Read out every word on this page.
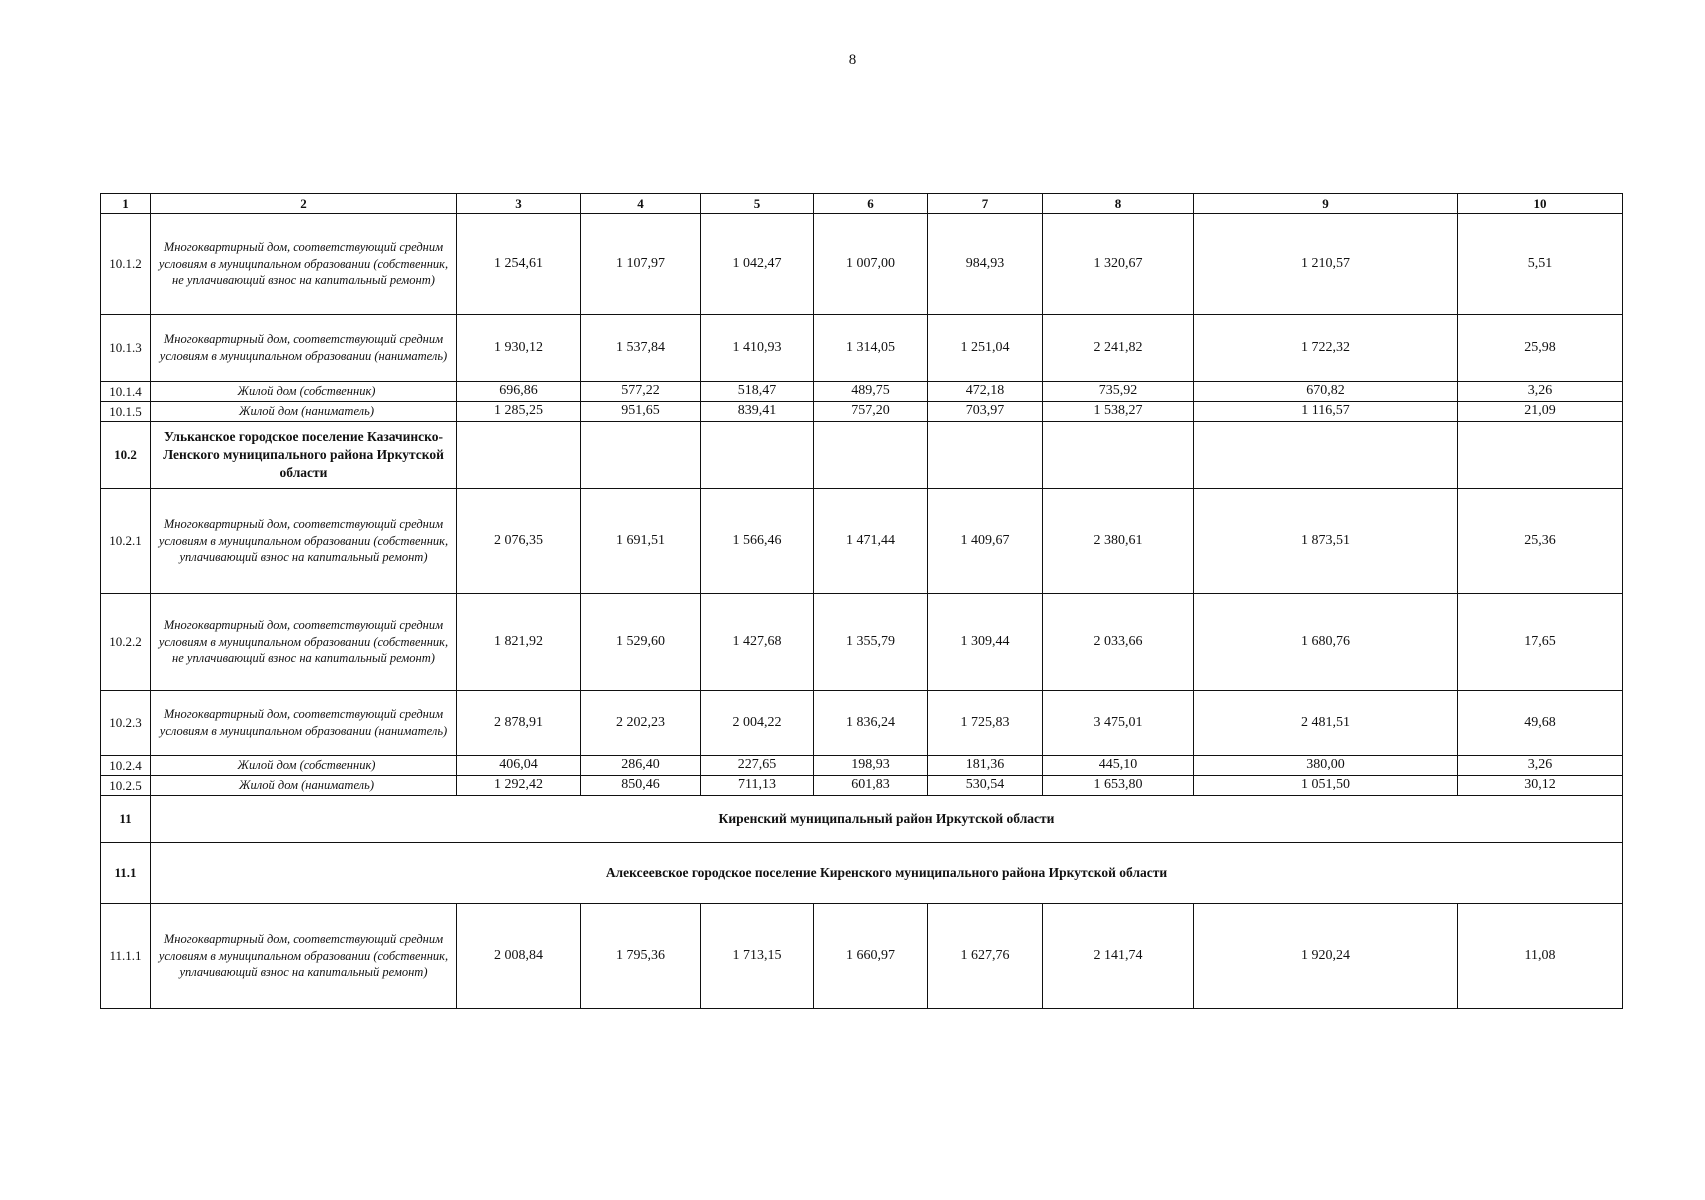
8
1	2	3	4	5	6	7	8	9	10
10.1.2	Многоквартирный дом, соответствующий средним условиям в муниципальном образовании (собственник, не уплачивающий взнос на капитальный ремонт)	1 254,61	1 107,97	1 042,47	1 007,00	984,93	1 320,67	1 210,57	5,51
10.1.3	Многоквартирный дом, соответствующий средним условиям в муниципальном образовании (наниматель)	1 930,12	1 537,84	1 410,93	1 314,05	1 251,04	2 241,82	1 722,32	25,98
10.1.4	Жилой дом (собственник)	696,86	577,22	518,47	489,75	472,18	735,92	670,82	3,26
10.1.5	Жилой дом (наниматель)	1 285,25	951,65	839,41	757,20	703,97	1 538,27	1 116,57	21,09
10.2	Ульканское городское поселение Казачинско-Ленского муниципального района Иркутской области								
10.2.1	Многоквартирный дом, соответствующий средним условиям в муниципальном образовании (собственник, уплачивающий взнос на капитальный ремонт)	2 076,35	1 691,51	1 566,46	1 471,44	1 409,67	2 380,61	1 873,51	25,36
10.2.2	Многоквартирный дом, соответствующий средним условиям в муниципальном образовании (собственник, не уплачивающий взнос на капитальный ремонт)	1 821,92	1 529,60	1 427,68	1 355,79	1 309,44	2 033,66	1 680,76	17,65
10.2.3	Многоквартирный дом, соответствующий средним условиям в муниципальном образовании (наниматель)	2 878,91	2 202,23	2 004,22	1 836,24	1 725,83	3 475,01	2 481,51	49,68
10.2.4	Жилой дом (собственник)	406,04	286,40	227,65	198,93	181,36	445,10	380,00	3,26
10.2.5	Жилой дом (наниматель)	1 292,42	850,46	711,13	601,83	530,54	1 653,80	1 051,50	30,12
11	Киренский муниципальный район Иркутской области								
11.1	Алексеевское городское поселение Киренского муниципального района Иркутской области								
11.1.1	Многоквартирный дом, соответствующий средним условиям в муниципальном образовании (собственник, уплачивающий взнос на капитальный ремонт)	2 008,84	1 795,36	1 713,15	1 660,97	1 627,76	2 141,74	1 920,24	11,08
